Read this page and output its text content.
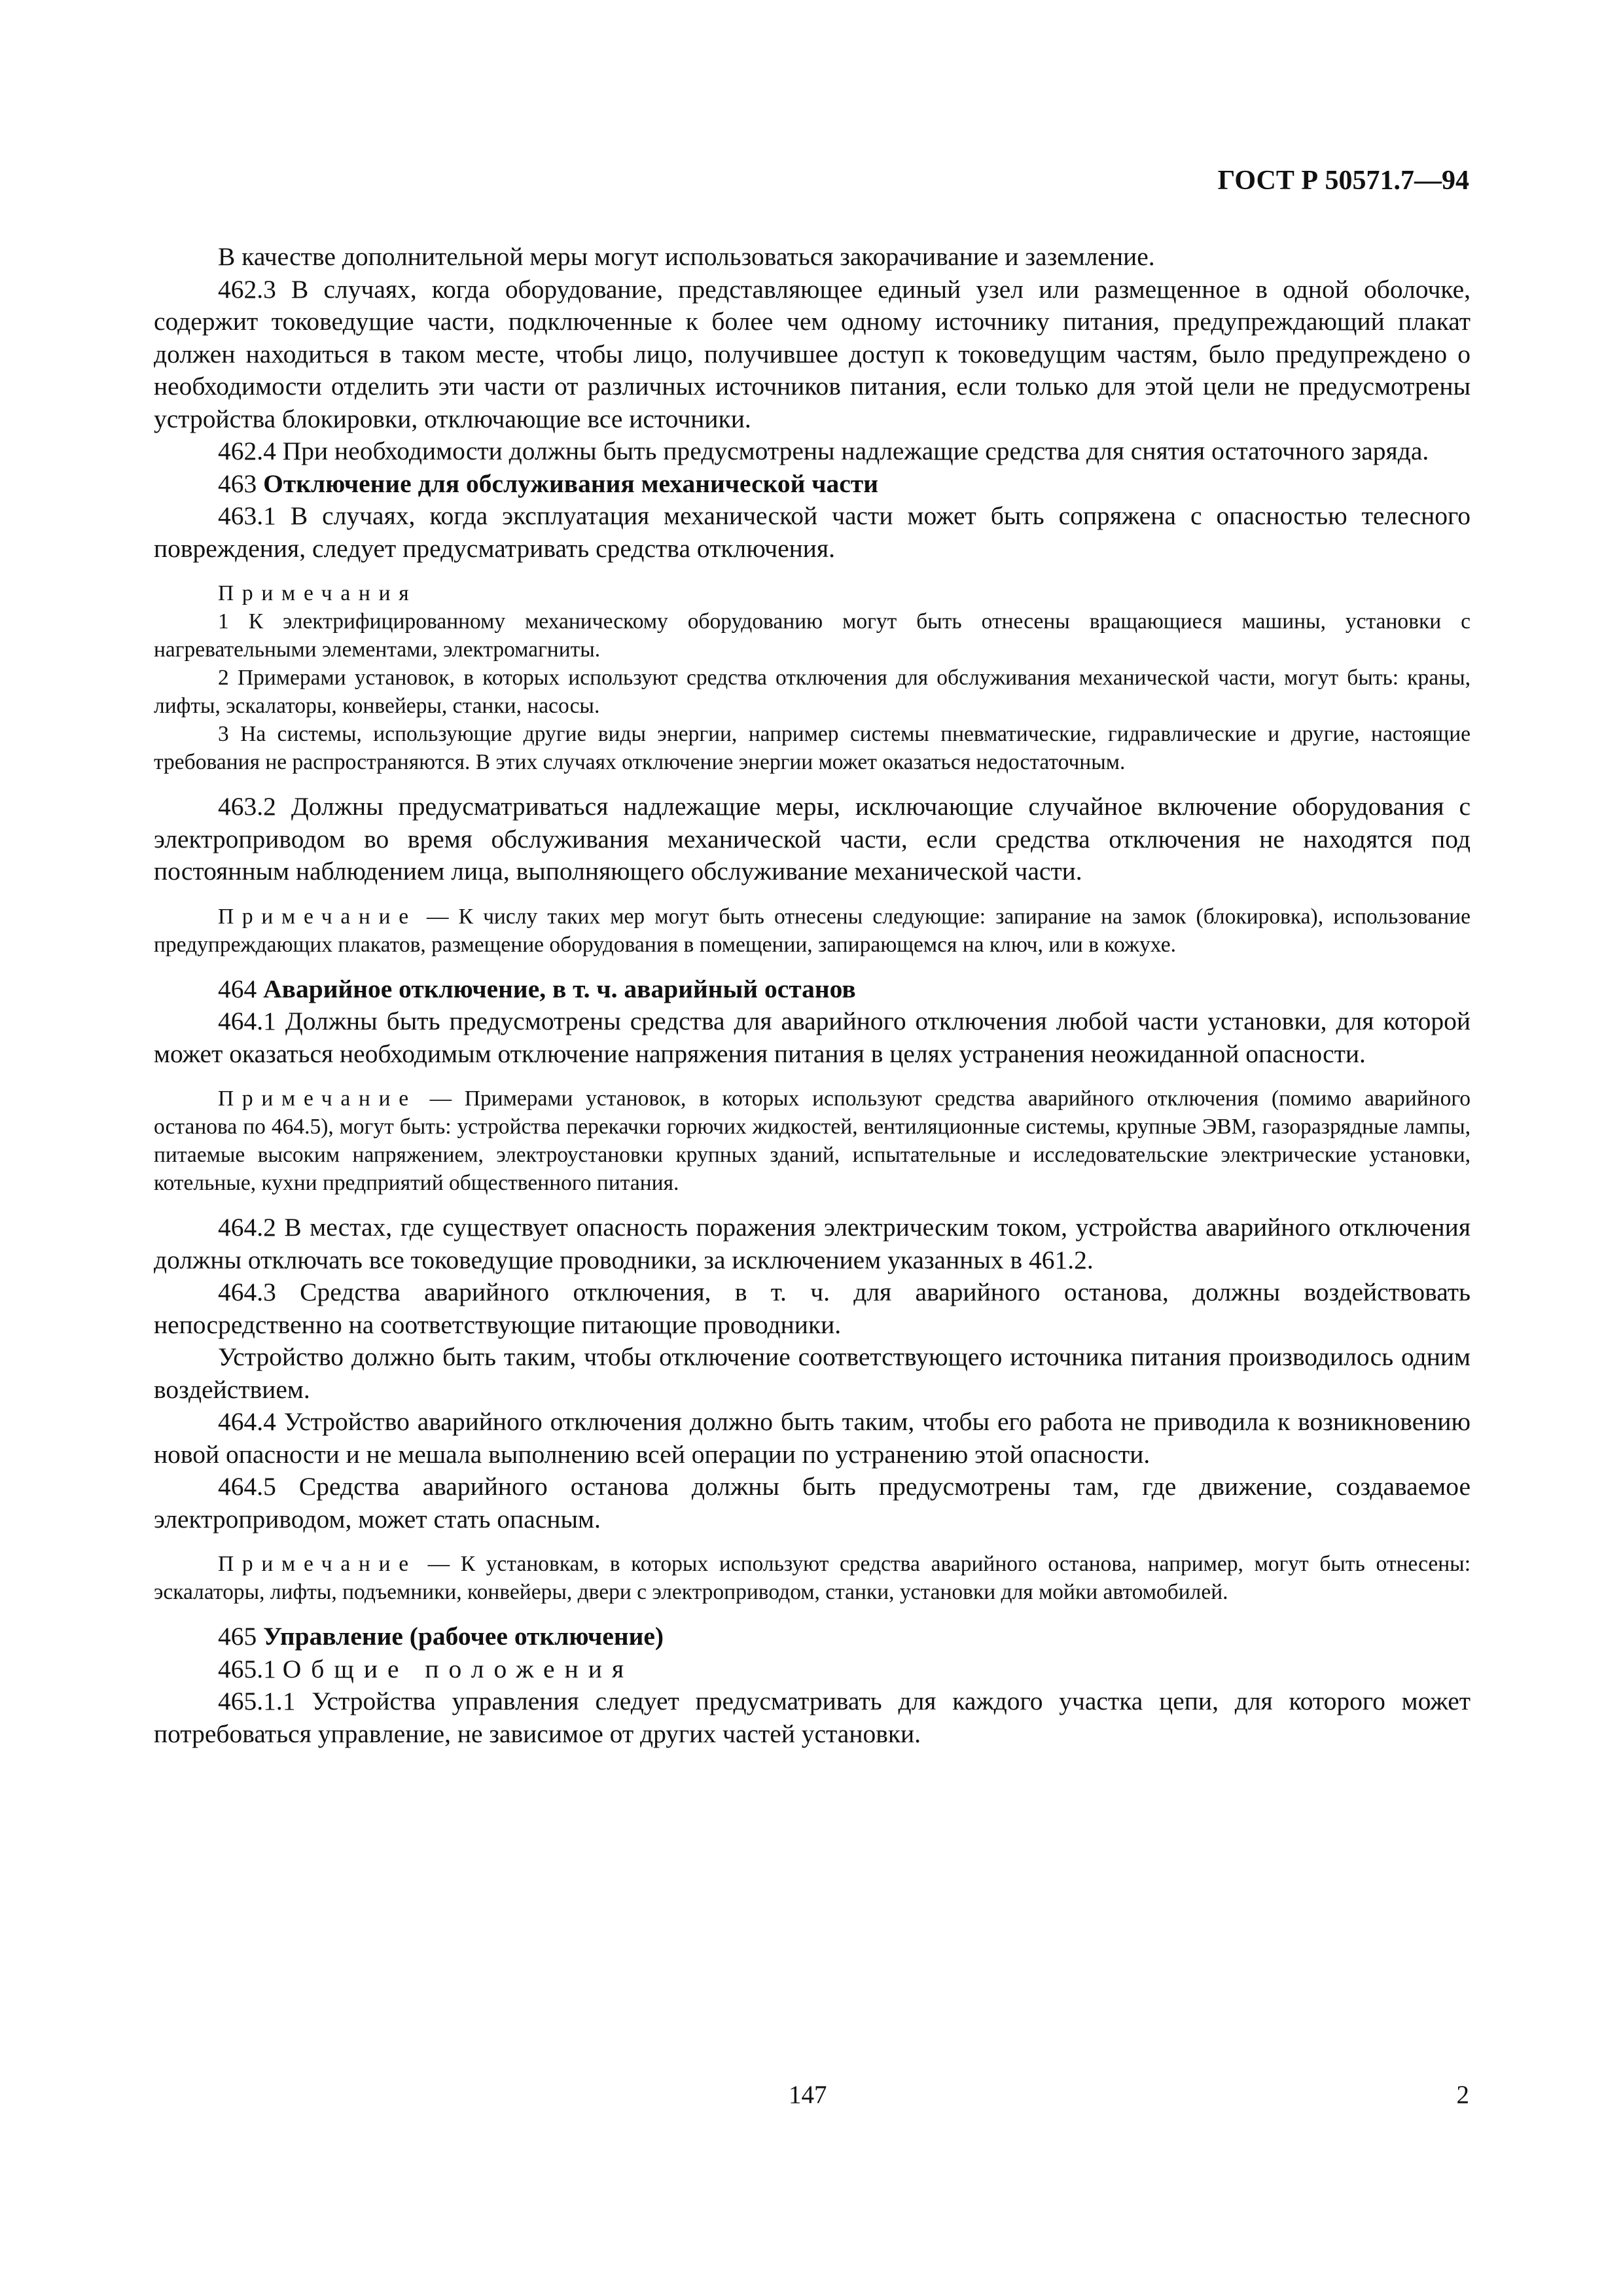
ГОСТ Р 50571.7—94

В качестве дополнительной меры могут использоваться закорачивание и заземление.

462.3 В случаях, когда оборудование, представляющее единый узел или размещенное в одной оболочке, содержит токоведущие части, подключенные к более чем одному источнику питания, предупреждающий плакат должен находиться в таком месте, чтобы лицо, получившее доступ к токоведущим частям, было предупреждено о необходимости отделить эти части от различных источников питания, если только для этой цели не предусмотрены устройства блокировки, отключающие все источники.

462.4 При необходимости должны быть предусмотрены надлежащие средства для снятия остаточного заряда.

463 Отключение для обслуживания механической части

463.1 В случаях, когда эксплуатация механической части может быть сопряжена с опасностью телесного повреждения, следует предусматривать средства отключения.

Примечания

1 К электрифицированному механическому оборудованию могут быть отнесены вращающиеся машины, установки с нагревательными элементами, электромагниты.

2 Примерами установок, в которых используют средства отключения для обслуживания механической части, могут быть: краны, лифты, эскалаторы, конвейеры, станки, насосы.

3 На системы, использующие другие виды энергии, например системы пневматические, гидравлические и другие, настоящие требования не распространяются. В этих случаях отключение энергии может оказаться недостаточным.

463.2 Должны предусматриваться надлежащие меры, исключающие случайное включение оборудования с электроприводом во время обслуживания механической части, если средства отключения не находятся под постоянным наблюдением лица, выполняющего обслуживание механической части.

Примечание — К числу таких мер могут быть отнесены следующие: запирание на замок (блокировка), использование предупреждающих плакатов, размещение оборудования в помещении, запирающемся на ключ, или в кожухе.

464 Аварийное отключение, в т. ч. аварийный останов

464.1 Должны быть предусмотрены средства для аварийного отключения любой части установки, для которой может оказаться необходимым отключение напряжения питания в целях устранения неожиданной опасности.

Примечание — Примерами установок, в которых используют средства аварийного отключения (помимо аварийного останова по 464.5), могут быть: устройства перекачки горючих жидкостей, вентиляционные системы, крупные ЭВМ, газоразрядные лампы, питаемые высоким напряжением, электроустановки крупных зданий, испытательные и исследовательские электрические установки, котельные, кухни предприятий общественного питания.

464.2 В местах, где существует опасность поражения электрическим током, устройства аварийного отключения должны отключать все токоведущие проводники, за исключением указанных в 461.2.

464.3 Средства аварийного отключения, в т. ч. для аварийного останова, должны воздействовать непосредственно на соответствующие питающие проводники.

Устройство должно быть таким, чтобы отключение соответствующего источника питания производилось одним воздействием.

464.4 Устройство аварийного отключения должно быть таким, чтобы его работа не приводила к возникновению новой опасности и не мешала выполнению всей операции по устранению этой опасности.

464.5 Средства аварийного останова должны быть предусмотрены там, где движение, создаваемое электроприводом, может стать опасным.

Примечание — К установкам, в которых используют средства аварийного останова, например, могут быть отнесены: эскалаторы, лифты, подъемники, конвейеры, двери с электроприводом, станки, установки для мойки автомобилей.

465 Управление (рабочее отключение)

465.1 Общие положения

465.1.1 Устройства управления следует предусматривать для каждого участка цепи, для которого может потребоваться управление, не зависимое от других частей установки.

147	2
